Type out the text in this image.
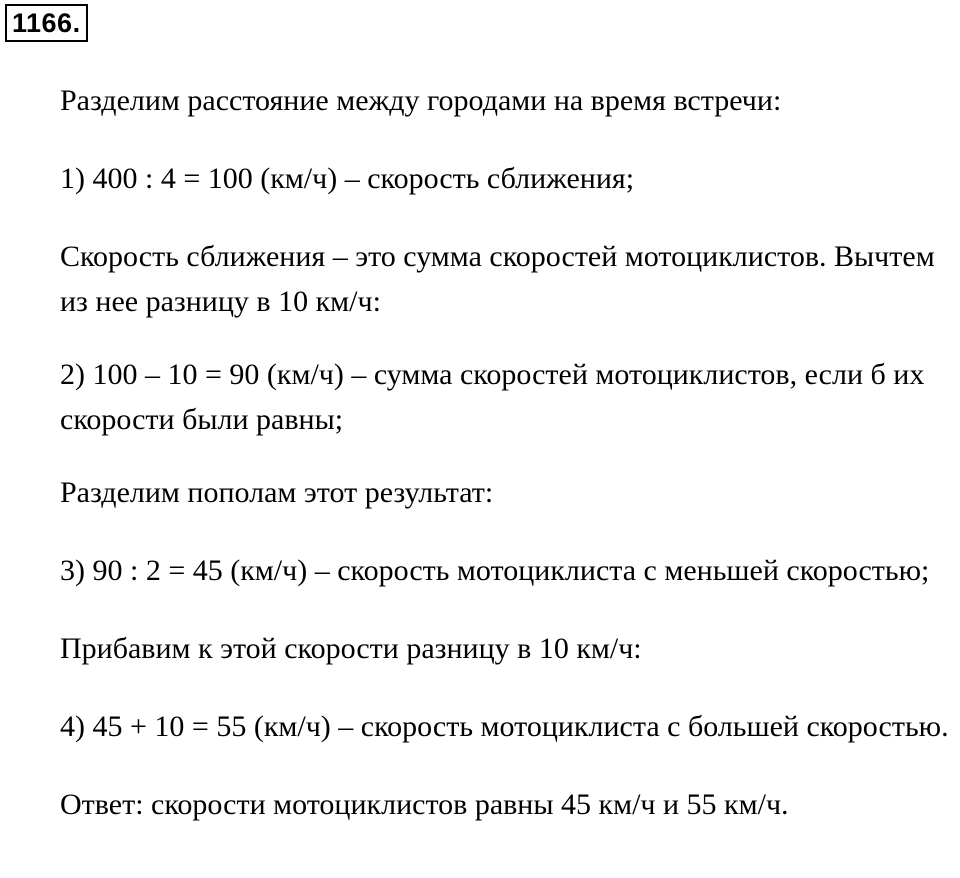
1166.

Разделим расстояние между городами на время встречи:

1) 400 : 4 = 100 (км/ч) – скорость сближения;

Скорость сближения – это сумма скоростей мотоциклистов. Вычтем
из нее разницу в 10 км/ч:

2) 100 – 10 = 90 (км/ч) – сумма скоростей мотоциклистов, если б их
скорости были равны;

Разделим пополам этот результат:

3) 90 : 2 = 45 (км/ч) – скорость мотоциклиста с меньшей скоростью;

Прибавим к этой скорости разницу в 10 км/ч:

4) 45 + 10 = 55 (км/ч) – скорость мотоциклиста с большей скоростью.

Ответ: скорости мотоциклистов равны 45 км/ч и 55 км/ч.
